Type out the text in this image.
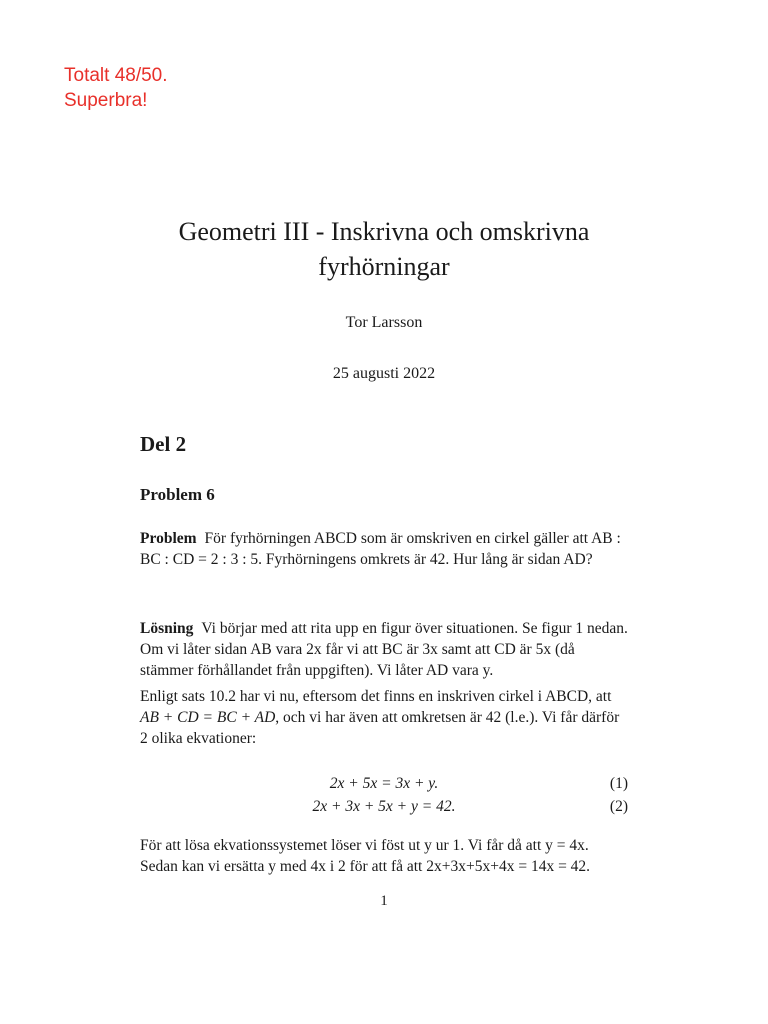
Totalt 48/50.
Superbra!
Geometri III - Inskrivna och omskrivna
fyrhörningar
Tor Larsson
25 augusti 2022
Del 2
Problem 6
Problem För fyrhörningen ABCD som är omskriven en cirkel gäller att AB : BC : CD = 2 : 3 : 5. Fyrhörningens omkrets är 42. Hur lång är sidan AD?
Lösning Vi börjar med att rita upp en figur över situationen. Se figur 1 nedan. Om vi låter sidan AB vara 2x får vi att BC är 3x samt att CD är 5x (då stämmer förhållandet från uppgiften). Vi låter AD vara y.
Enligt sats 10.2 har vi nu, eftersom det finns en inskriven cirkel i ABCD, att AB + CD = BC + AD, och vi har även att omkretsen är 42 (l.e.). Vi får därför 2 olika ekvationer:
2x + 5x = 3x + y.	(1)
2x + 3x + 5x + y = 42.	(2)
För att lösa ekvationssystemet löser vi föst ut y ur 1. Vi får då att y = 4x. Sedan kan vi ersätta y med 4x i 2 för att få att 2x+3x+5x+4x = 14x = 42.
1
